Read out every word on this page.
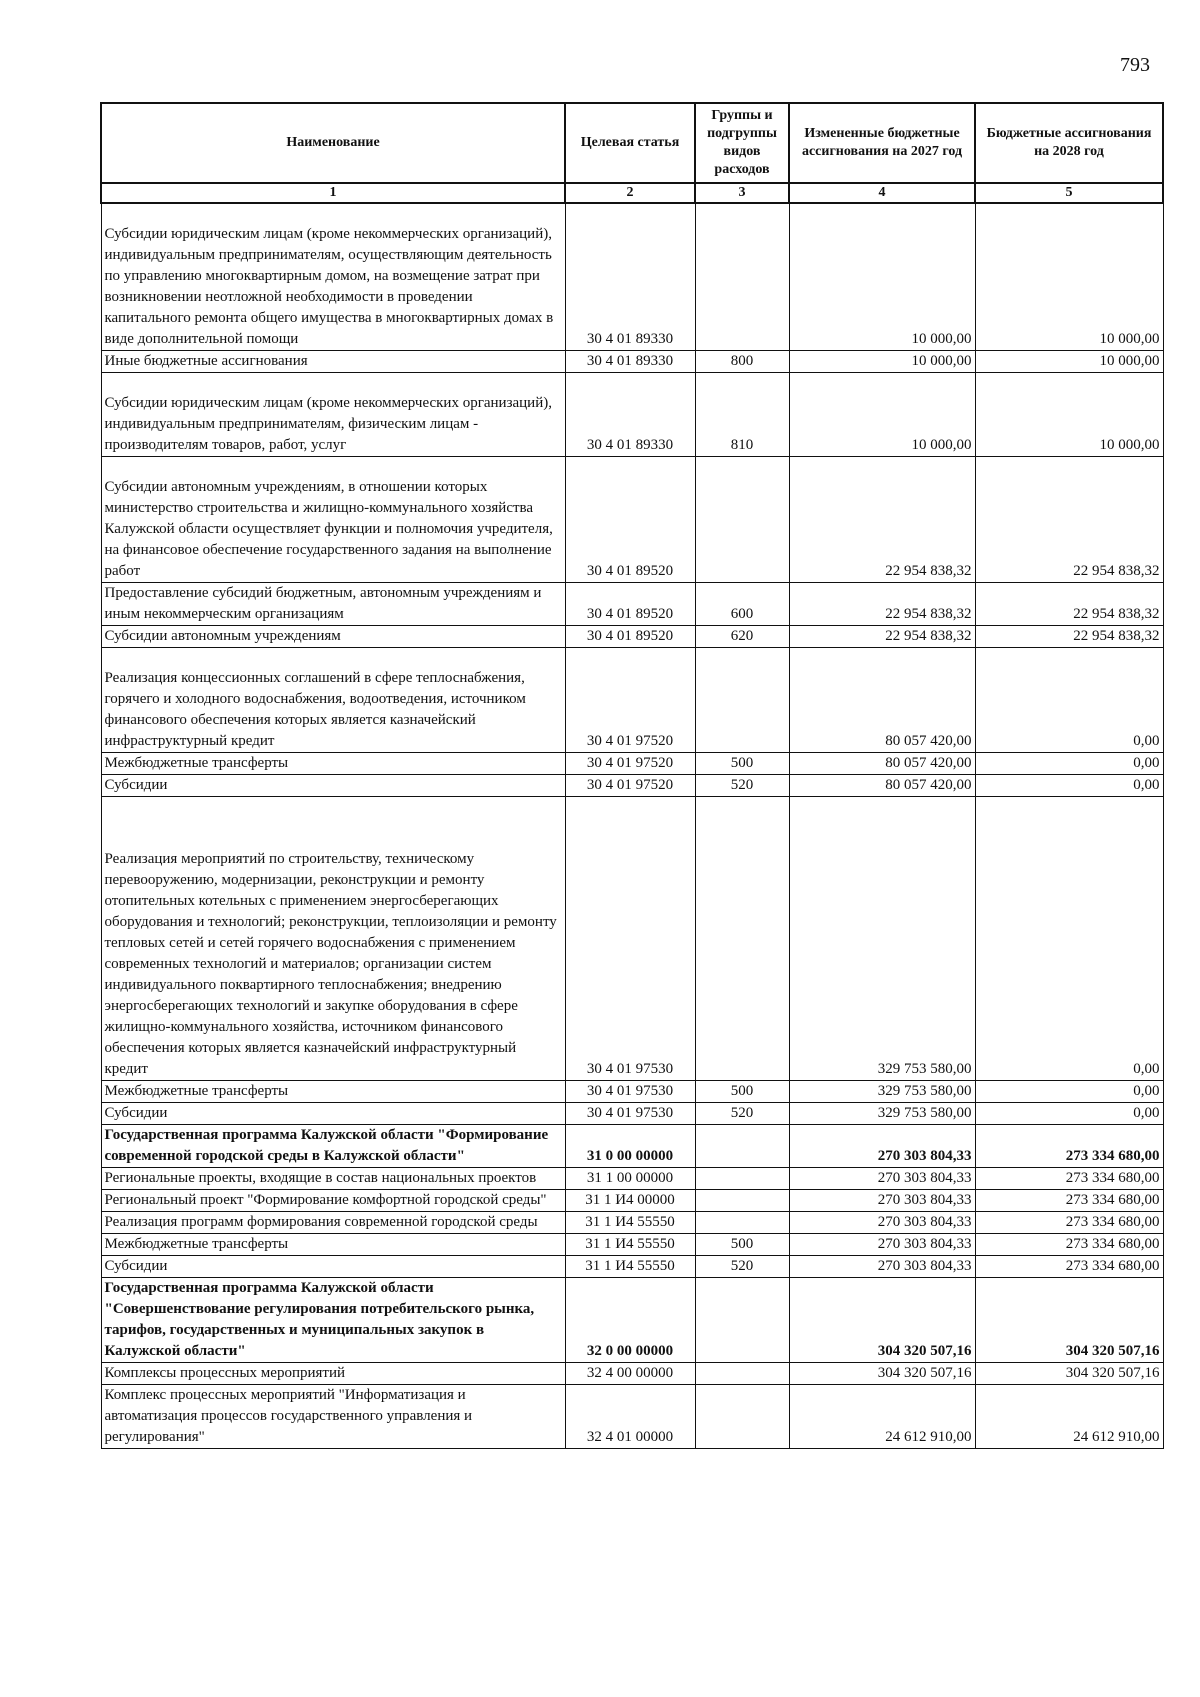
793
Наименование	Целевая статья	Группы и подгруппы видов расходов	Измененные бюджетные ассигнования на 2027 год	Бюджетные ассигнования на 2028 год
1	2	3	4	5

Субсидии юридическим лицам (кроме некоммерческих организаций), индивидуальным предпринимателям, осуществляющим деятельность по управлению многоквартирным домом, на возмещение затрат при возникновении неотложной необходимости в проведении капитального ремонта общего имущества в многоквартирных домах в виде дополнительной помощи	30 4 01 89330		10 000,00	10 000,00
Иные бюджетные ассигнования	30 4 01 89330	800	10 000,00	10 000,00

Субсидии юридическим лицам (кроме некоммерческих организаций), индивидуальным предпринимателям, физическим лицам - производителям товаров, работ, услуг	30 4 01 89330	810	10 000,00	10 000,00

Субсидии автономным учреждениям, в отношении которых министерство строительства и жилищно-коммунального хозяйства Калужской области осуществляет функции и полномочия учредителя, на финансовое обеспечение государственного задания на выполнение работ	30 4 01 89520		22 954 838,32	22 954 838,32
Предоставление субсидий бюджетным, автономным учреждениям и иным некоммерческим организациям	30 4 01 89520	600	22 954 838,32	22 954 838,32
Субсидии автономным учреждениям	30 4 01 89520	620	22 954 838,32	22 954 838,32

Реализация концессионных соглашений в сфере теплоснабжения, горячего и холодного водоснабжения, водоотведения, источником финансового обеспечения которых является казначейский инфраструктурный кредит	30 4 01 97520		80 057 420,00	0,00
Межбюджетные трансферты	30 4 01 97520	500	80 057 420,00	0,00
Субсидии	30 4 01 97520	520	80 057 420,00	0,00

Реализация мероприятий по строительству, техническому перевооружению, модернизации, реконструкции и ремонту отопительных котельных с применением энергосберегающих оборудования и технологий; реконструкции, теплоизоляции и ремонту тепловых сетей и сетей горячего водоснабжения с применением современных технологий и материалов; организации систем индивидуального поквартирного теплоснабжения; внедрению энергосберегающих технологий и закупке оборудования в сфере жилищно-коммунального хозяйства, источником финансового обеспечения которых является казначейский инфраструктурный кредит	30 4 01 97530		329 753 580,00	0,00
Межбюджетные трансферты	30 4 01 97530	500	329 753 580,00	0,00
Субсидии	30 4 01 97530	520	329 753 580,00	0,00
Государственная программа Калужской области "Формирование современной городской среды в Калужской области"	31 0 00 00000		270 303 804,33	273 334 680,00
Региональные проекты, входящие в состав национальных проектов	31 1 00 00000		270 303 804,33	273 334 680,00
Региональный проект "Формирование комфортной городской среды"	31 1 И4 00000		270 303 804,33	273 334 680,00
Реализация программ формирования современной городской среды	31 1 И4 55550		270 303 804,33	273 334 680,00
Межбюджетные трансферты	31 1 И4 55550	500	270 303 804,33	273 334 680,00
Субсидии	31 1 И4 55550	520	270 303 804,33	273 334 680,00
Государственная программа Калужской области "Совершенствование регулирования потребительского рынка, тарифов, государственных и муниципальных закупок в Калужской области"	32 0 00 00000		304 320 507,16	304 320 507,16
Комплексы процессных мероприятий	32 4 00 00000		304 320 507,16	304 320 507,16
Комплекс процессных мероприятий "Информатизация и автоматизация процессов государственного управления и регулирования"	32 4 01 00000		24 612 910,00	24 612 910,00
